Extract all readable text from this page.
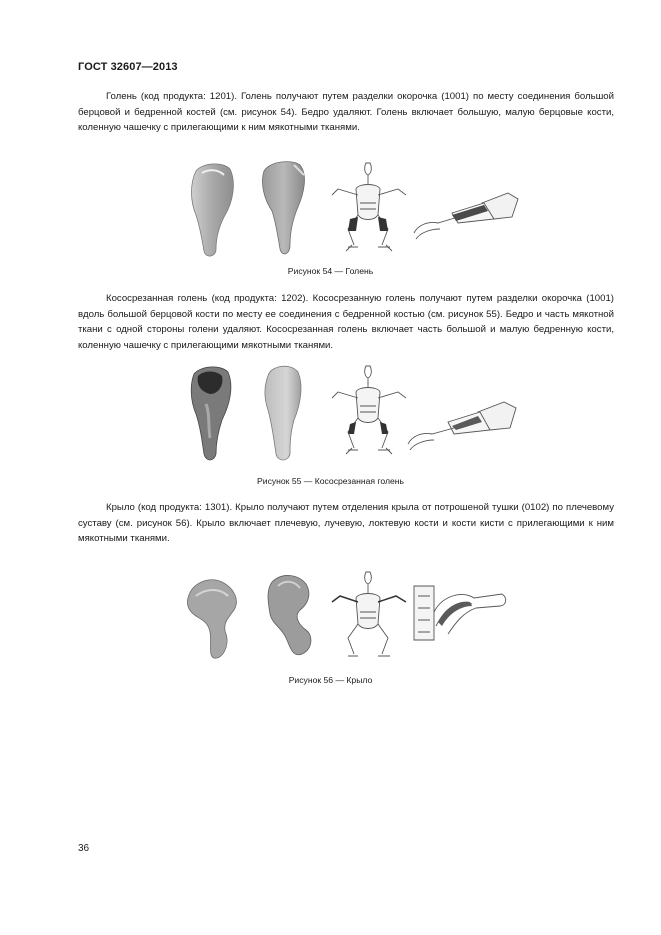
ГОСТ 32607—2013

Голень (код продукта: 1201). Голень получают путем разделки окорочка (1001) по месту соединения большой берцовой и бедренной костей (см. рисунок 54). Бедро удаляют. Голень включает большую, малую берцовые кости, коленную чашечку с прилегающими к ним мякотными тканями.

Рисунок 54 — Голень

Кососрезанная голень (код продукта: 1202). Кососрезанную голень получают путем разделки окорочка (1001) вдоль большой берцовой кости по месту ее соединения с бедренной костью (см. рисунок 55). Бедро и часть мякотной ткани с одной стороны голени удаляют. Кососрезанная голень включает часть большой и малую бедренную кости, коленную чашечку с прилегающими мякотными тканями.

Рисунок 55 — Кососрезанная голень

Крыло (код продукта: 1301). Крыло получают путем отделения крыла от потрошеной тушки (0102) по плечевому суставу (см. рисунок 56). Крыло включает плечевую, лучевую, локтевую кости и кости кисти с прилегающими к ним мякотными тканями.

Рисунок 56 — Крыло
36
